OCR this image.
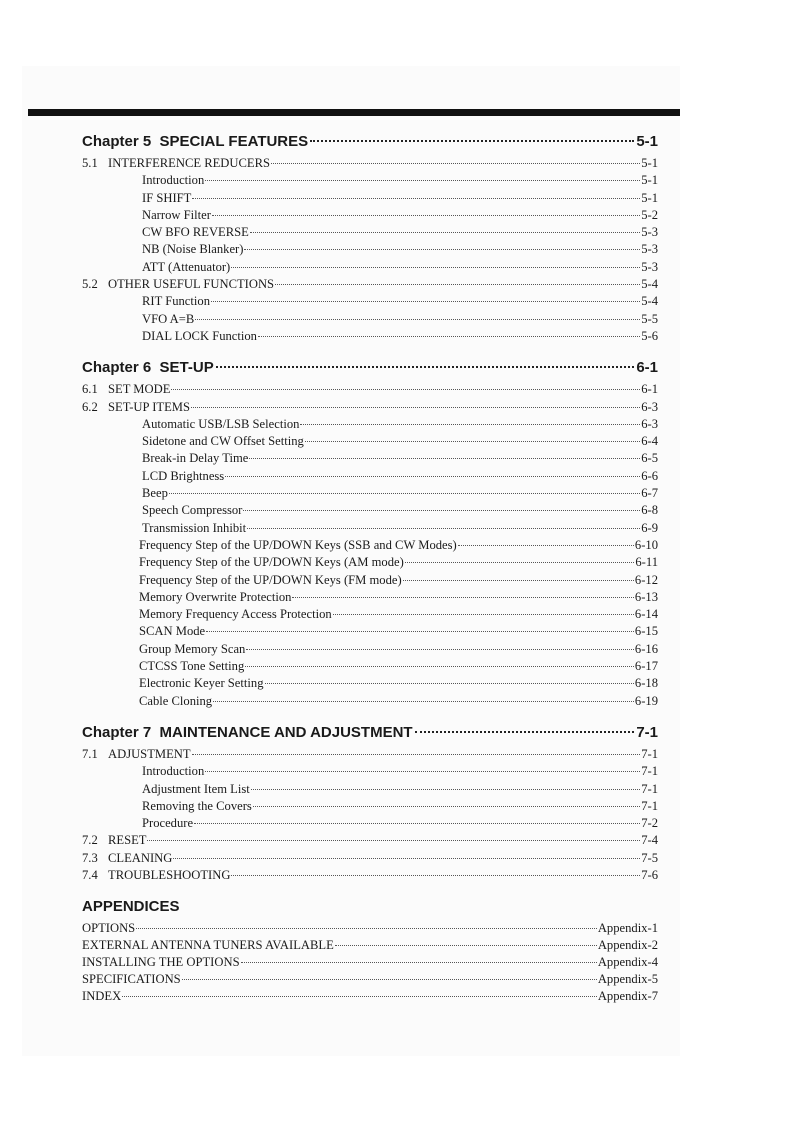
Chapter 5  SPECIAL FEATURES	5-1
5.1 INTERFERENCE REDUCERS	5-1
Introduction	5-1
IF SHIFT	5-1
Narrow Filter	5-2
CW BFO REVERSE	5-3
NB (Noise Blanker)	5-3
ATT (Attenuator)	5-3
5.2 OTHER USEFUL FUNCTIONS	5-4
RIT Function	5-4
VFO A=B	5-5
DIAL LOCK Function	5-6
Chapter 6  SET-UP	6-1
6.1 SET MODE	6-1
6.2 SET-UP ITEMS	6-3
Automatic USB/LSB Selection	6-3
Sidetone and CW Offset Setting	6-4
Break-in Delay Time	6-5
LCD Brightness	6-6
Beep	6-7
Speech Compressor	6-8
Transmission Inhibit	6-9
Frequency Step of the UP/DOWN Keys (SSB and CW Modes)	6-10
Frequency Step of the UP/DOWN Keys (AM mode)	6-11
Frequency Step of the UP/DOWN Keys (FM mode)	6-12
Memory Overwrite Protection	6-13
Memory Frequency Access Protection	6-14
SCAN Mode	6-15
Group Memory Scan	6-16
CTCSS Tone Setting	6-17
Electronic Keyer Setting	6-18
Cable Cloning	6-19
Chapter 7  MAINTENANCE AND ADJUSTMENT	7-1
7.1 ADJUSTMENT	7-1
Introduction	7-1
Adjustment Item List	7-1
Removing the Covers	7-1
Procedure	7-2
7.2 RESET	7-4
7.3 CLEANING	7-5
7.4 TROUBLESHOOTING	7-6
APPENDICES
OPTIONS	Appendix-1
EXTERNAL ANTENNA TUNERS AVAILABLE	Appendix-2
INSTALLING THE OPTIONS	Appendix-4
SPECIFICATIONS	Appendix-5
INDEX	Appendix-7
